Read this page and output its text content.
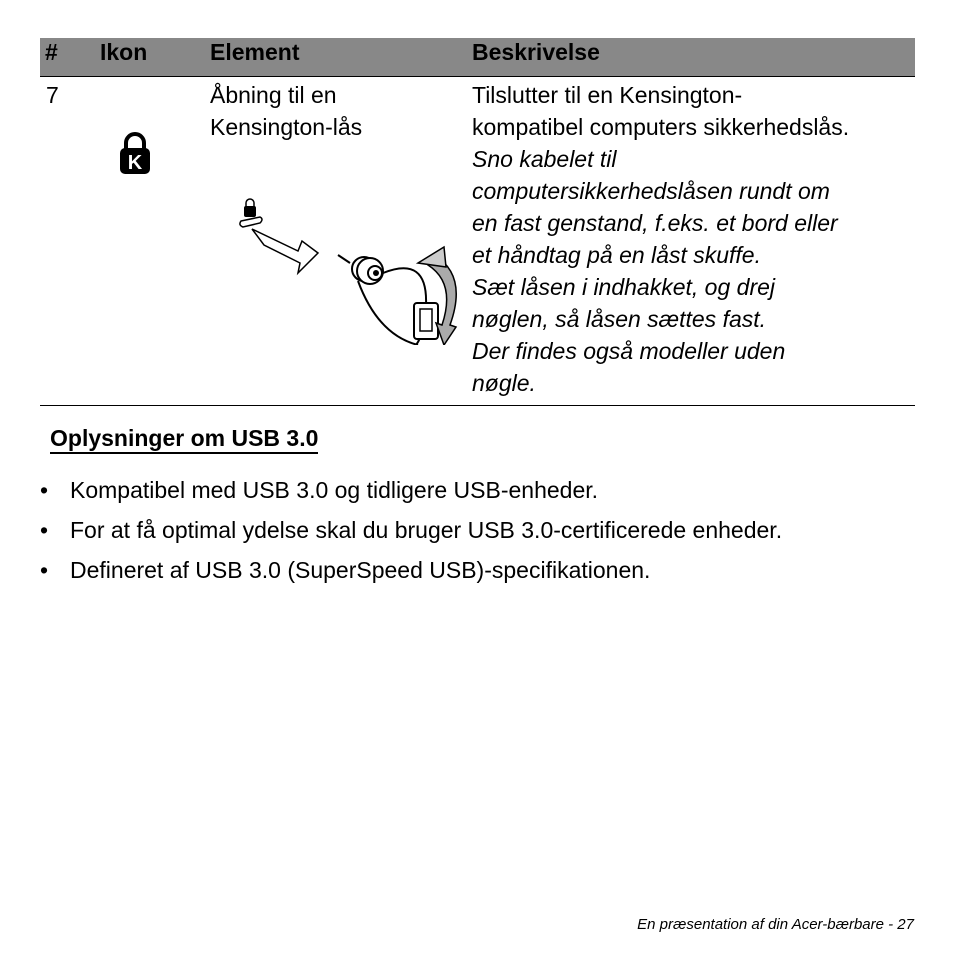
# Ikon	Element	Beskrivelse
7
K
Åbning til en
Kensington-lås
Tilslutter til en Kensington-
kompatibel computers sikkerhedslås.
Sno kabelet til
computersikkerhedslåsen rundt om
en fast genstand, f.eks. et bord eller
et håndtag på en låst skuffe.
Sæt låsen i indhakket, og drej
nøglen, så låsen sættes fast.
Der findes også modeller uden
nøgle.
Oplysninger om USB 3.0
• Kompatibel med USB 3.0 og tidligere USB-enheder.
• For at få optimal ydelse skal du bruger USB 3.0-certificerede enheder.
• Defineret af USB 3.0 (SuperSpeed USB)-specifikationen.
En præsentation af din Acer-bærbare - 27
